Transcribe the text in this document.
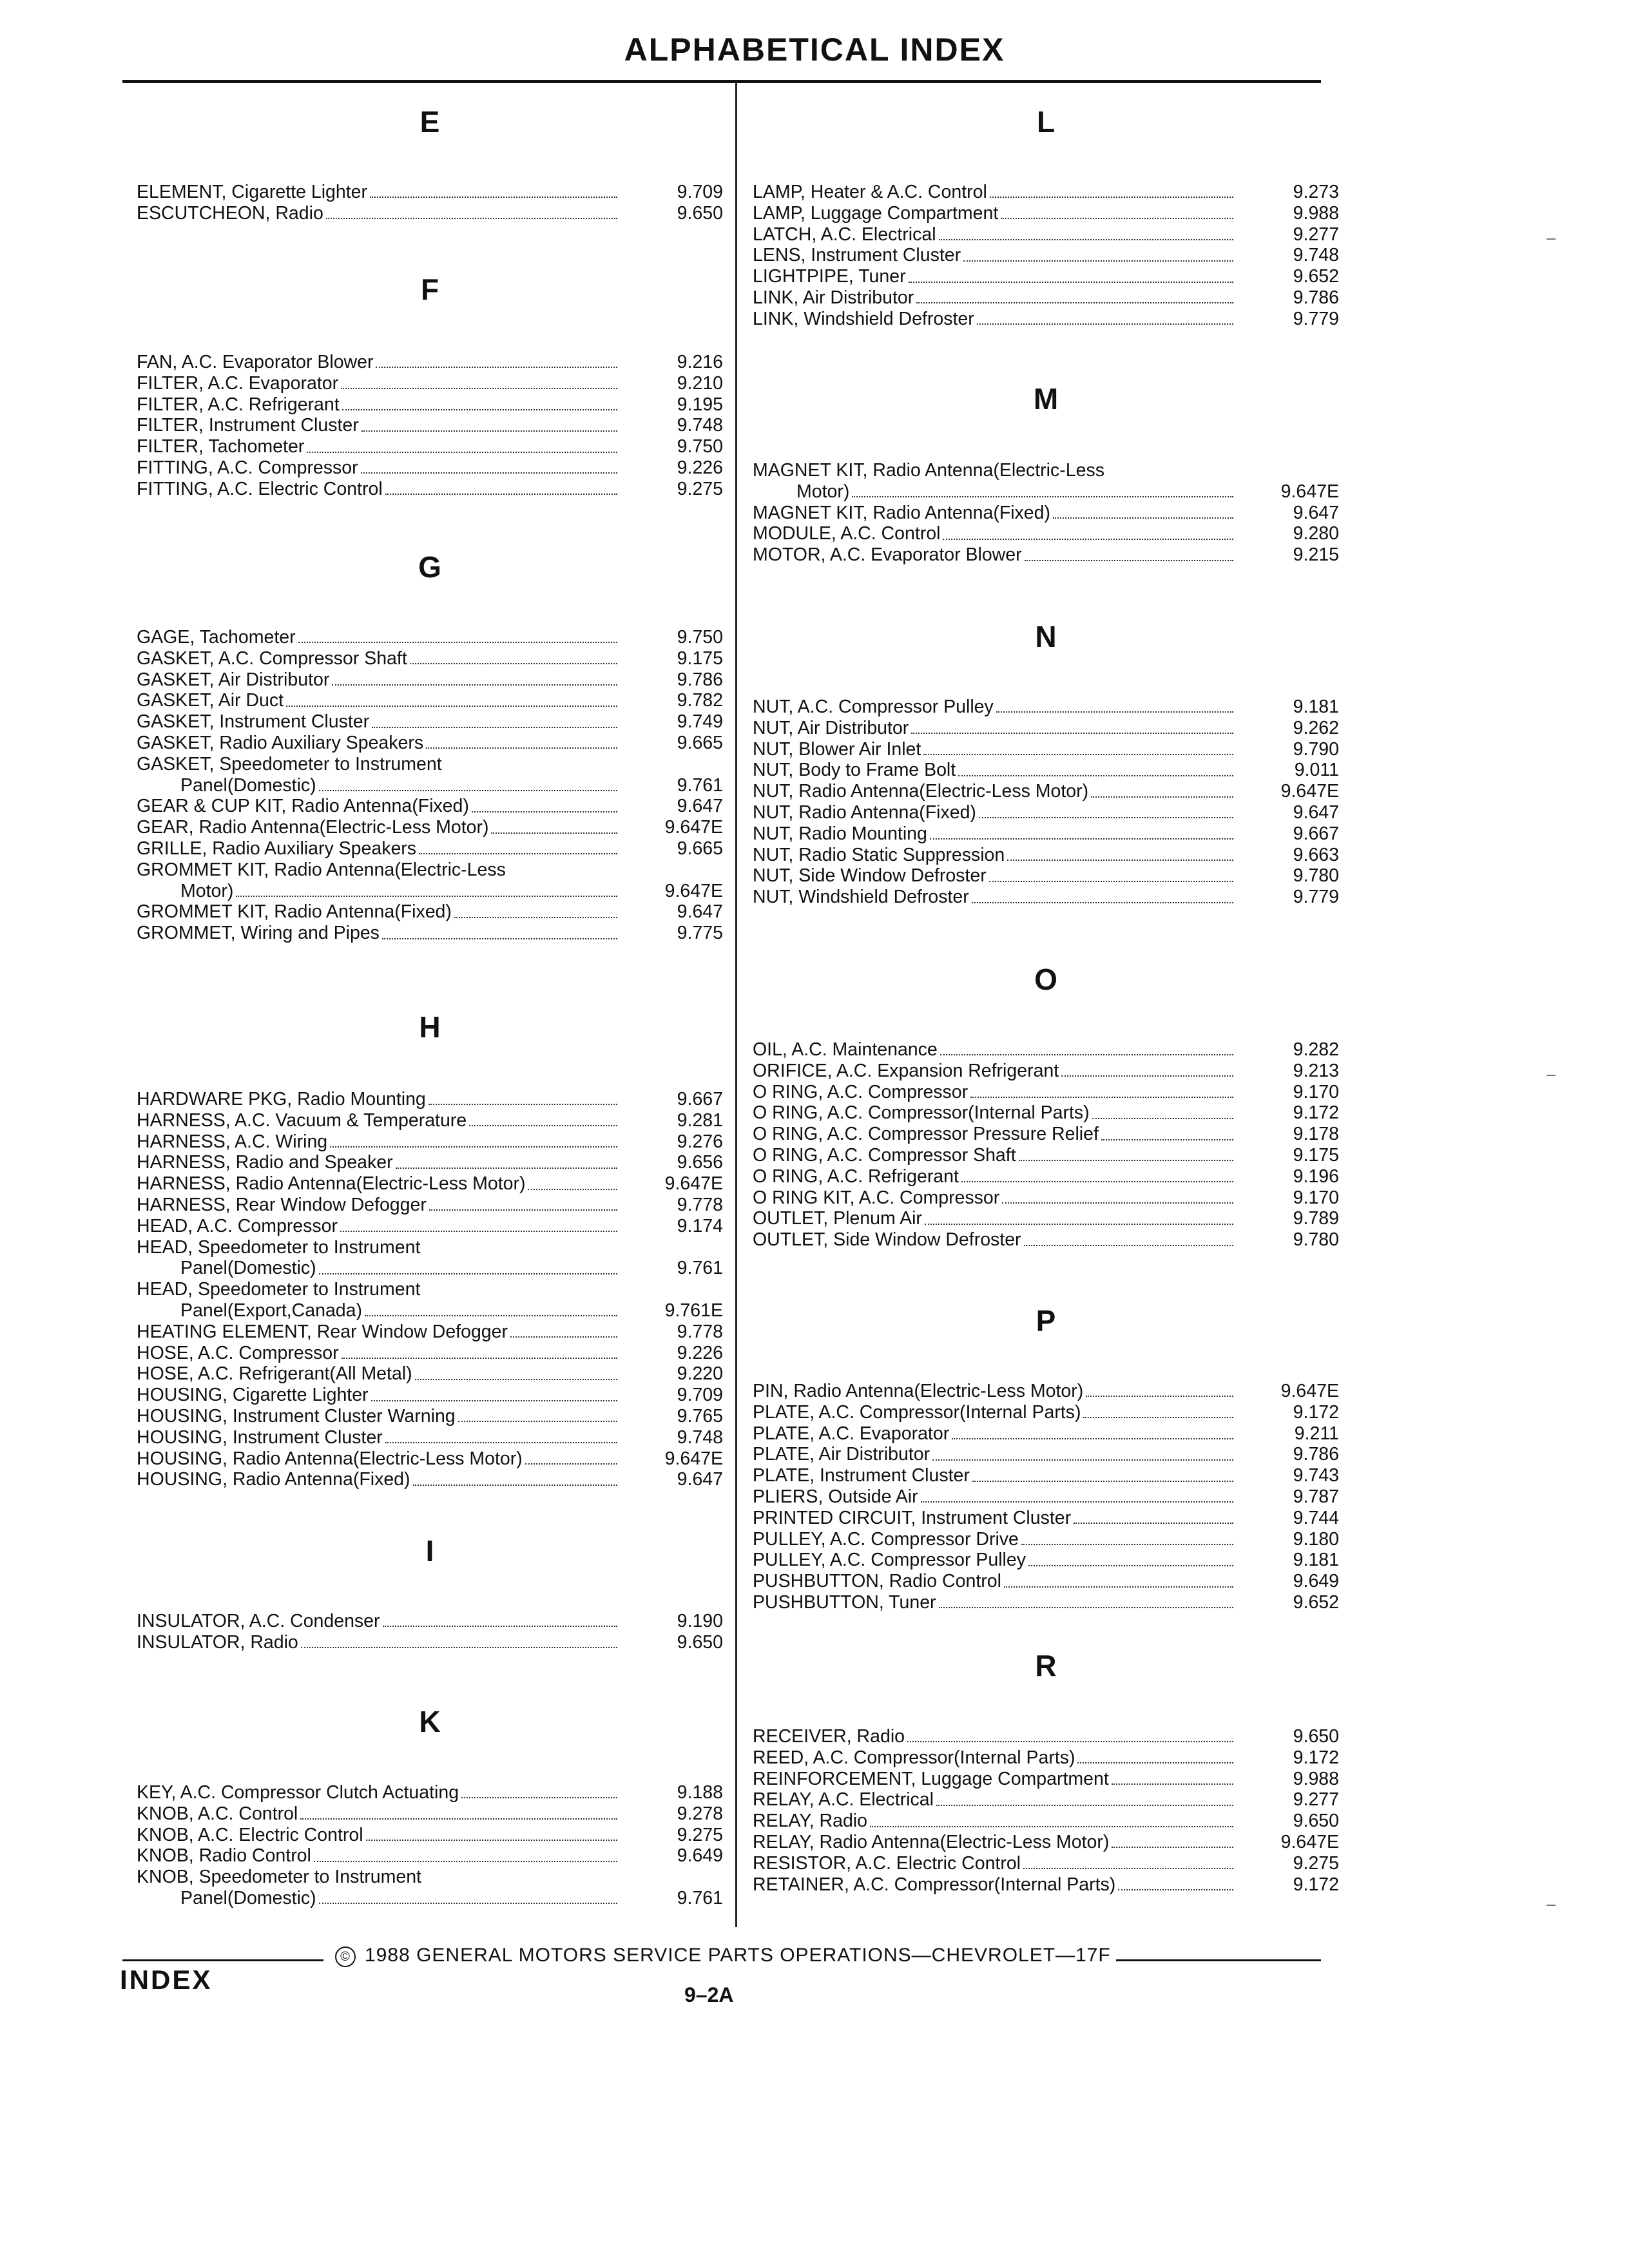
ALPHABETICAL INDEX
E
ELEMENT, Cigarette Lighter	9.709
ESCUTCHEON, Radio	9.650
F
FAN, A.C. Evaporator Blower	9.216
FILTER, A.C. Evaporator	9.210
FILTER, A.C. Refrigerant	9.195
FILTER, Instrument Cluster	9.748
FILTER, Tachometer	9.750
FITTING, A.C. Compressor	9.226
FITTING, A.C. Electric Control	9.275
G
GAGE, Tachometer	9.750
GASKET, A.C. Compressor Shaft	9.175
GASKET, Air Distributor	9.786
GASKET, Air Duct	9.782
GASKET, Instrument Cluster	9.749
GASKET, Radio Auxiliary Speakers	9.665
GASKET, Speedometer to Instrument
Panel(Domestic)	9.761
GEAR & CUP KIT, Radio Antenna(Fixed)	9.647
GEAR, Radio Antenna(Electric-Less Motor)	9.647E
GRILLE, Radio Auxiliary Speakers	9.665
GROMMET KIT, Radio Antenna(Electric-Less
Motor)	9.647E
GROMMET KIT, Radio Antenna(Fixed)	9.647
GROMMET, Wiring and Pipes	9.775
H
HARDWARE PKG, Radio Mounting	9.667
HARNESS, A.C. Vacuum & Temperature	9.281
HARNESS, A.C. Wiring	9.276
HARNESS, Radio and Speaker	9.656
HARNESS, Radio Antenna(Electric-Less Motor)	9.647E
HARNESS, Rear Window Defogger	9.778
HEAD, A.C. Compressor	9.174
HEAD, Speedometer to Instrument
Panel(Domestic)	9.761
HEAD, Speedometer to Instrument
Panel(Export,Canada)	9.761E
HEATING ELEMENT, Rear Window Defogger	9.778
HOSE, A.C. Compressor	9.226
HOSE, A.C. Refrigerant(All Metal)	9.220
HOUSING, Cigarette Lighter	9.709
HOUSING, Instrument Cluster Warning	9.765
HOUSING, Instrument Cluster	9.748
HOUSING, Radio Antenna(Electric-Less Motor)	9.647E
HOUSING, Radio Antenna(Fixed)	9.647
I
INSULATOR, A.C. Condenser	9.190
INSULATOR, Radio	9.650
K
KEY, A.C. Compressor Clutch Actuating	9.188
KNOB, A.C. Control	9.278
KNOB, A.C. Electric Control	9.275
KNOB, Radio Control	9.649
KNOB, Speedometer to Instrument
Panel(Domestic)	9.761
L
LAMP, Heater & A.C. Control	9.273
LAMP, Luggage Compartment	9.988
LATCH, A.C. Electrical	9.277
LENS, Instrument Cluster	9.748
LIGHTPIPE, Tuner	9.652
LINK, Air Distributor	9.786
LINK, Windshield Defroster	9.779
M
MAGNET KIT, Radio Antenna(Electric-Less
Motor)	9.647E
MAGNET KIT, Radio Antenna(Fixed)	9.647
MODULE, A.C. Control	9.280
MOTOR, A.C. Evaporator Blower	9.215
N
NUT, A.C. Compressor Pulley	9.181
NUT, Air Distributor	9.262
NUT, Blower Air Inlet	9.790
NUT, Body to Frame Bolt	9.011
NUT, Radio Antenna(Electric-Less Motor)	9.647E
NUT, Radio Antenna(Fixed)	9.647
NUT, Radio Mounting	9.667
NUT, Radio Static Suppression	9.663
NUT, Side Window Defroster	9.780
NUT, Windshield Defroster	9.779
O
OIL, A.C. Maintenance	9.282
ORIFICE, A.C. Expansion Refrigerant	9.213
O RING, A.C. Compressor	9.170
O RING, A.C. Compressor(Internal Parts)	9.172
O RING, A.C. Compressor Pressure Relief	9.178
O RING, A.C. Compressor Shaft	9.175
O RING, A.C. Refrigerant	9.196
O RING KIT, A.C. Compressor	9.170
OUTLET, Plenum Air	9.789
OUTLET, Side Window Defroster	9.780
P
PIN, Radio Antenna(Electric-Less Motor)	9.647E
PLATE, A.C. Compressor(Internal Parts)	9.172
PLATE, A.C. Evaporator	9.211
PLATE, Air Distributor	9.786
PLATE, Instrument Cluster	9.743
PLIERS, Outside Air	9.787
PRINTED CIRCUIT, Instrument Cluster	9.744
PULLEY, A.C. Compressor Drive	9.180
PULLEY, A.C. Compressor Pulley	9.181
PUSHBUTTON, Radio Control	9.649
PUSHBUTTON, Tuner	9.652
R
RECEIVER, Radio	9.650
REED, A.C. Compressor(Internal Parts)	9.172
REINFORCEMENT, Luggage Compartment	9.988
RELAY, A.C. Electrical	9.277
RELAY, Radio	9.650
RELAY, Radio Antenna(Electric-Less Motor)	9.647E
RESISTOR, A.C. Electric Control	9.275
RETAINER, A.C. Compressor(Internal Parts)	9.172
© 1988 GENERAL MOTORS SERVICE PARTS OPERATIONS—CHEVROLET—17F
INDEX	9–2A
